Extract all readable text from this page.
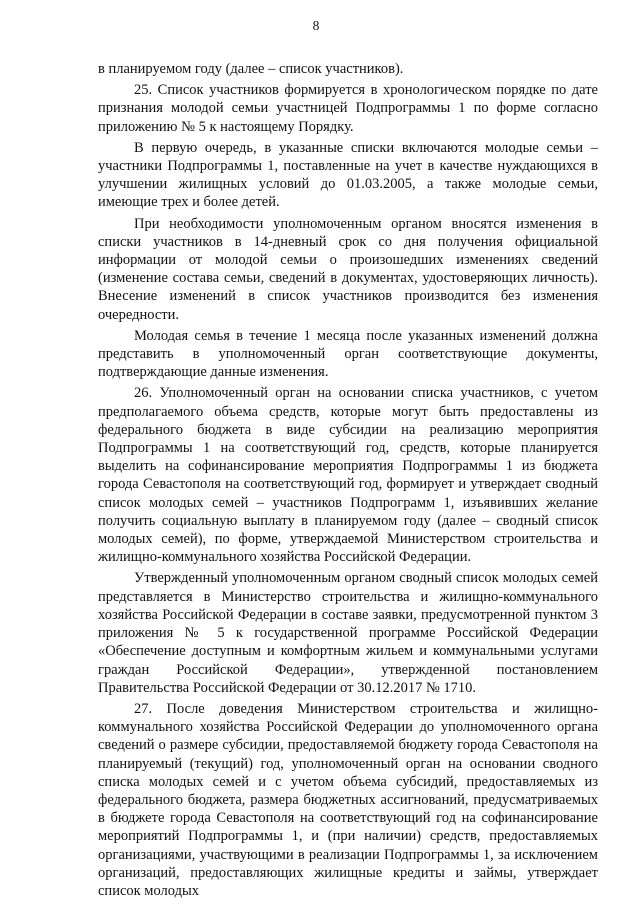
8

в планируемом году (далее – список участников).

25. Список участников формируется в хронологическом порядке по дате признания молодой семьи участницей Подпрограммы 1 по форме согласно приложению № 5 к настоящему Порядку.

В первую очередь, в указанные списки включаются молодые семьи – участники Подпрограммы 1, поставленные на учет в качестве нуждающихся в улучшении жилищных условий до 01.03.2005, а также молодые семьи, имеющие трех и более детей.

При необходимости уполномоченным органом вносятся изменения в списки участников в 14-дневный срок со дня получения официальной информации от молодой семьи о произошедших изменениях сведений (изменение состава семьи, сведений в документах, удостоверяющих личность). Внесение изменений в список участников производится без изменения очередности.

Молодая семья в течение 1 месяца после указанных изменений должна представить в уполномоченный орган соответствующие документы, подтверждающие данные изменения.

26. Уполномоченный орган на основании списка участников, с учетом предполагаемого объема средств, которые могут быть предоставлены из федерального бюджета в виде субсидии на реализацию мероприятия Подпрограммы 1 на соответствующий год, средств, которые планируется выделить на софинансирование мероприятия Подпрограммы 1 из бюджета города Севастополя на соответствующий год, формирует и утверждает сводный список молодых семей – участников Подпрограмм 1, изъявивших желание получить социальную выплату в планируемом году (далее – сводный список молодых семей), по форме, утверждаемой Министерством строительства и жилищно-коммунального хозяйства Российской Федерации.

Утвержденный уполномоченным органом сводный список молодых семей представляется в Министерство строительства и жилищно-коммунального хозяйства Российской Федерации в составе заявки, предусмотренной пунктом 3 приложения № 5 к государственной программе Российской Федерации «Обеспечение доступным и комфортным жильем и коммунальными услугами граждан Российской Федерации», утвержденной постановлением Правительства Российской Федерации от 30.12.2017 № 1710.

27. После доведения Министерством строительства и жилищно-коммунального хозяйства Российской Федерации до уполномоченного органа сведений о размере субсидии, предоставляемой бюджету города Севастополя на планируемый (текущий) год, уполномоченный орган на основании сводного списка молодых семей и с учетом объема субсидий, предоставляемых из федерального бюджета, размера бюджетных ассигнований, предусматриваемых в бюджете города Севастополя на соответствующий год на софинансирование мероприятий Подпрограммы 1, и (при наличии) средств, предоставляемых организациями, участвующими в реализации Подпрограммы 1, за исключением организаций, предоставляющих жилищные кредиты и займы, утверждает список молодых
